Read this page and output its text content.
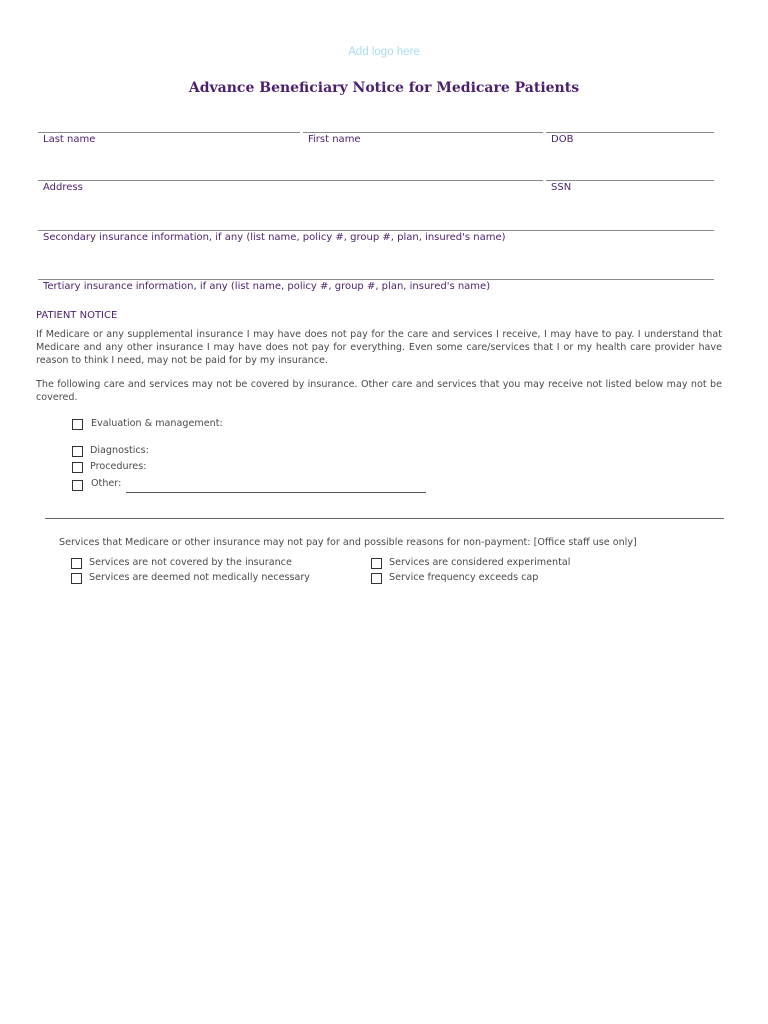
Add logo here
Advance Beneficiary Notice for Medicare Patients
Last name	First name	DOB
Address	SSN
Secondary insurance information, if any (list name, policy #, group #, plan, insured's name)
Tertiary insurance information, if any (list name, policy #, group #, plan, insured's name)
PATIENT NOTICE
If Medicare or any supplemental insurance I may have does not pay for the care and services I receive, I may have to pay. I understand that Medicare and any other insurance I may have does not pay for everything. Even some care/services that I or my health care provider have reason to think I need, may not be paid for by my insurance.
The following care and services may not be covered by insurance. Other care and services that you may receive not listed below may not be covered.
Evaluation & management:
Diagnostics:
Procedures:
Other:
Services that Medicare or other insurance may not pay for and possible reasons for non-payment: [Office staff use only]
Services are not covered by the insurance
Services are deemed not medically necessary
Services are considered experimental
Service frequency exceeds cap
